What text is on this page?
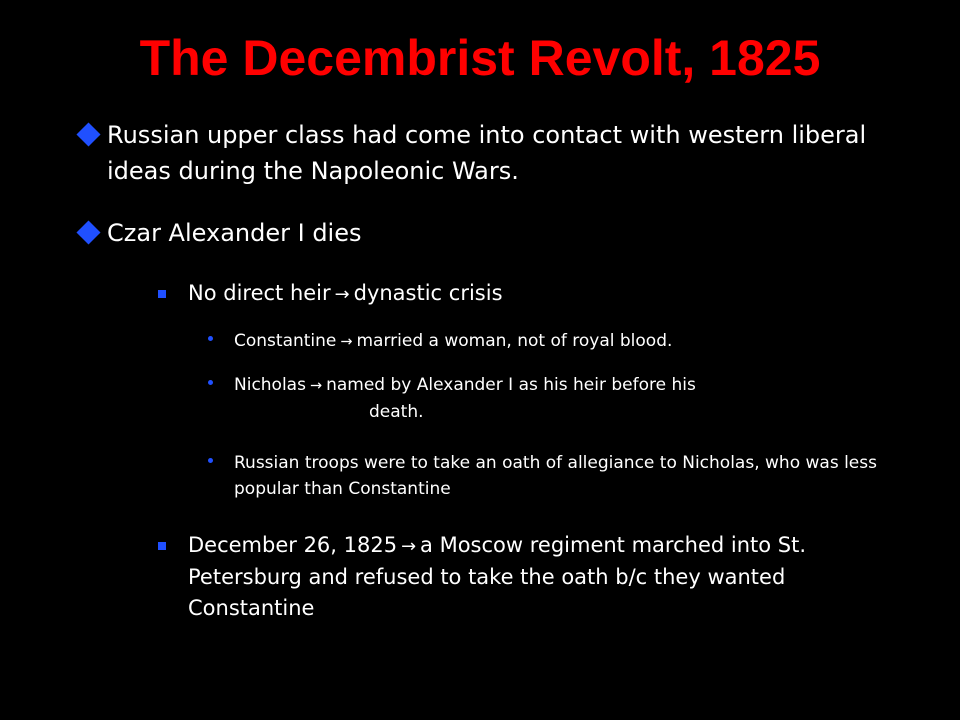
The Decembrist Revolt, 1825
Russian upper class had come into contact with western liberal ideas during the Napoleonic Wars.
Czar Alexander I dies
No direct heir → dynastic crisis
Constantine → married a woman, not of royal blood.
Nicholas → named by Alexander I as his heir before his
death.
Russian troops were to take an oath of allegiance to Nicholas, who was less popular than Constantine
December 26, 1825 → a Moscow regiment marched into St. Petersburg and refused to take the oath b/c they wanted Constantine
